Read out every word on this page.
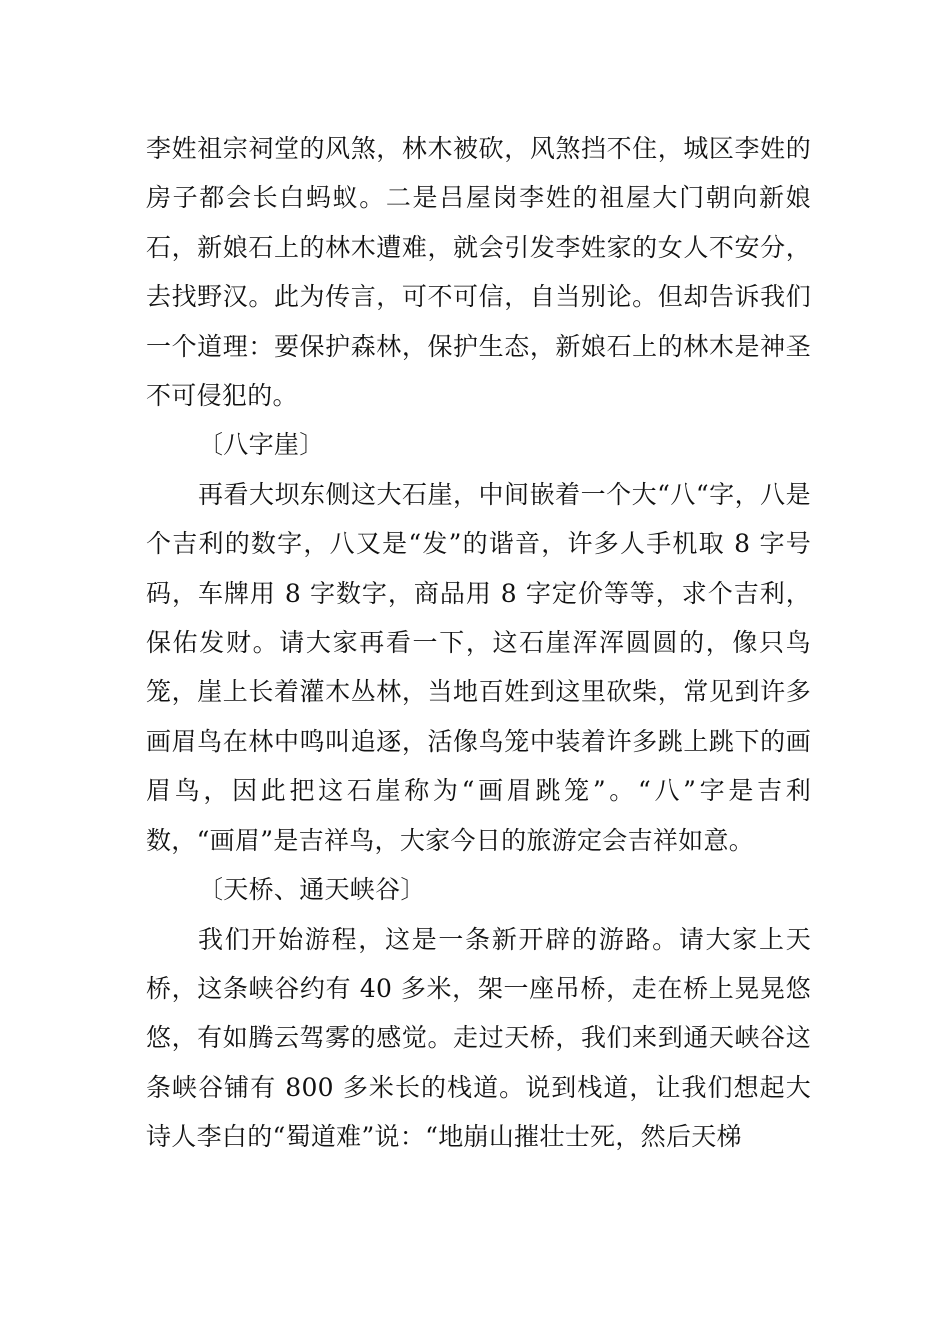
李姓祖宗祠堂的风煞，林木被砍，风煞挡不住，城区李姓的房子都会长白蚂蚁。二是吕屋岗李姓的祖屋大门朝向新娘石，新娘石上的林木遭难，就会引发李姓家的女人不安分，去找野汉。此为传言，可不可信，自当别论。但却告诉我们一个道理：要保护森林，保护生态，新娘石上的林木是神圣不可侵犯的。

〔八字崖〕

再看大坝东侧这大石崖，中间嵌着一个大“八“字，八是个吉利的数字，八又是“发”的谐音，许多人手机取 8 字号码，车牌用 8 字数字，商品用 8 字定价等等，求个吉利，保佑发财。请大家再看一下，这石崖浑浑圆圆的，像只鸟笼，崖上长着灌木丛林，当地百姓到这里砍柴，常见到许多画眉鸟在林中鸣叫追逐，活像鸟笼中装着许多跳上跳下的画眉鸟，因此把这石崖称为“画眉跳笼”。“八”字是吉利数，“画眉”是吉祥鸟，大家今日的旅游定会吉祥如意。

〔天桥、通天峡谷〕

我们开始游程，这是一条新开辟的游路。请大家上天桥，这条峡谷约有 40 多米，架一座吊桥，走在桥上晃晃悠悠，有如腾云驾雾的感觉。走过天桥，我们来到通天峡谷这条峡谷铺有 800 多米长的栈道。说到栈道，让我们想起大诗人李白的“蜀道难”说：“地崩山摧壮士死，然后天梯
